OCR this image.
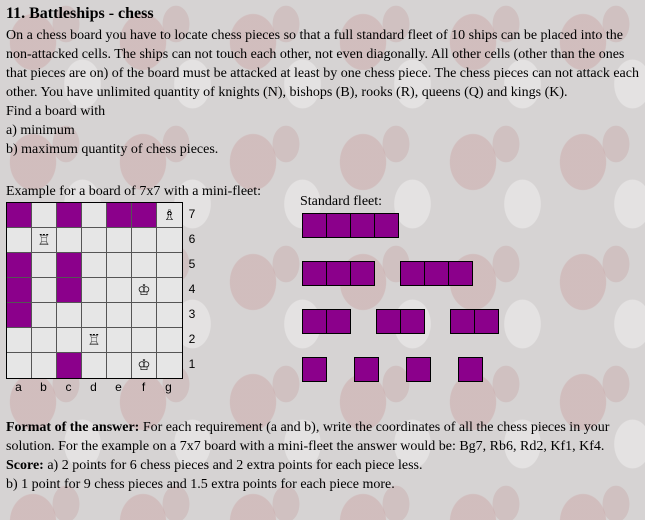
11. Battleships - chess

On a chess board you have to locate chess pieces so that a full standard fleet of 10 ships can be placed into the non-attacked cells. The ships can not touch each other, not even diagonally. All other cells (other than the ones that pieces are on) of the board must be attacked at least by one chess piece. The chess pieces can not attack each other. You have unlimited quantity of knights (N), bishops (B), rooks (R), queens (Q) and kings (K).

Find a board with

a) minimum

b) maximum quantity of chess pieces.

Example for a board of 7x7 with a mini-fleet:
♗
♖
♔
♖
♔
7
6
5
4
3
2
1
a	b	c	d	e	f	g
Standard fleet:

Format of the answer: For each requirement (a and b), write the coordinates of all the chess pieces in your solution. For the example on a 7x7 board with a mini-fleet the answer would be: Bg7, Rb6, Rd2, Kf1, Kf4.

Score: a) 2 points for 6 chess pieces and 2 extra points for each piece less.

b) 1 point for 9 chess pieces and 1.5 extra points for each piece more.
